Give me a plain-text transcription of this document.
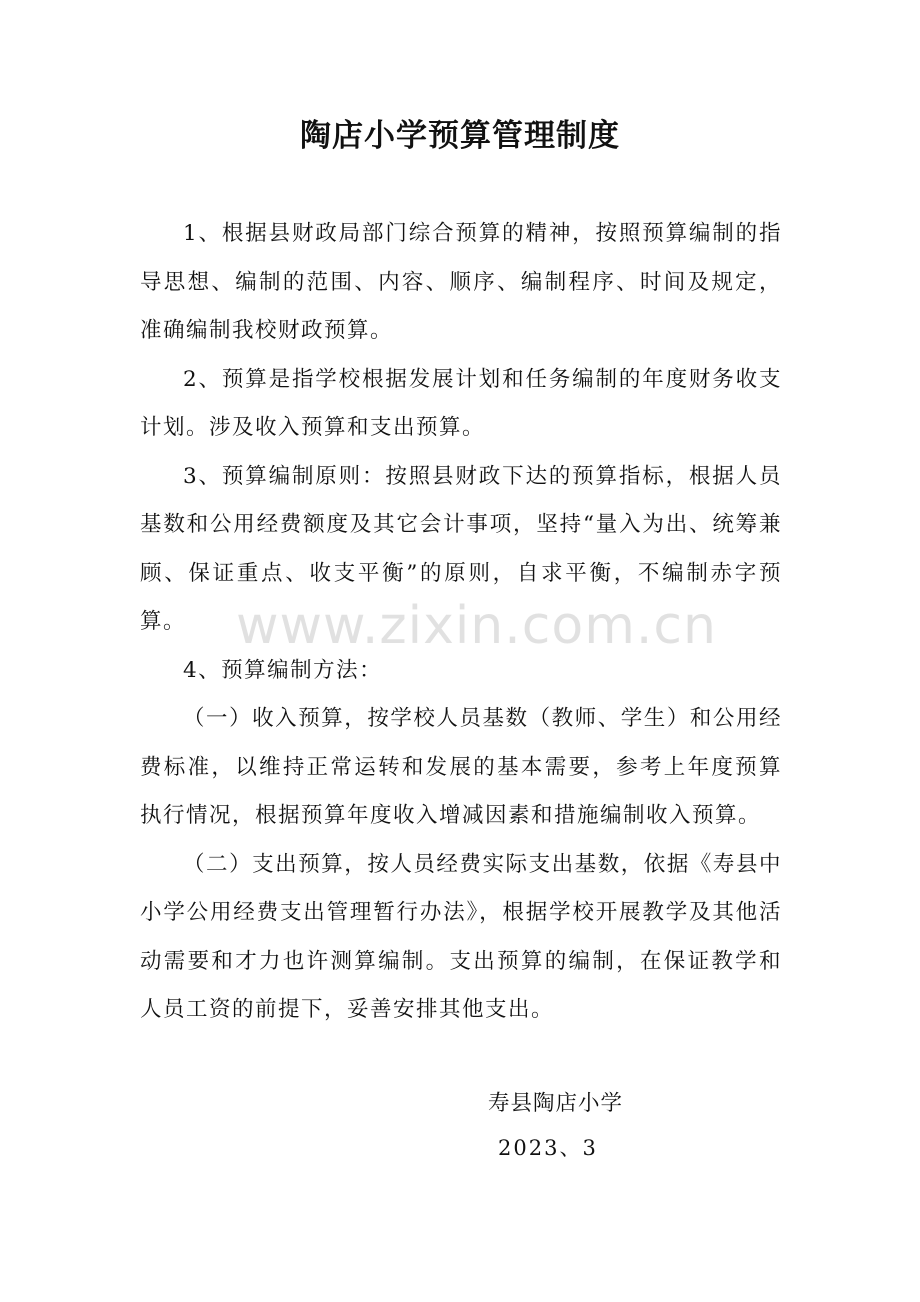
陶店小学预算管理制度

1、根据县财政局部门综合预算的精神，按照预算编制的指导思想、编制的范围、内容、顺序、编制程序、时间及规定，准确编制我校财政预算。

2、预算是指学校根据发展计划和任务编制的年度财务收支计划。涉及收入预算和支出预算。

3、预算编制原则：按照县财政下达的预算指标，根据人员基数和公用经费额度及其它会计事项，坚持“量入为出、统筹兼顾、保证重点、收支平衡”的原则，自求平衡，不编制赤字预算。

4、预算编制方法：

（一）收入预算，按学校人员基数（教师、学生）和公用经费标准，以维持正常运转和发展的基本需要，参考上年度预算执行情况，根据预算年度收入增减因素和措施编制收入预算。

（二）支出预算，按人员经费实际支出基数，依据《寿县中小学公用经费支出管理暂行办法》，根据学校开展教学及其他活动需要和才力也许测算编制。支出预算的编制，在保证教学和人员工资的前提下，妥善安排其他支出。

寿县陶店小学
2023、3
www.zixin.com.cn
